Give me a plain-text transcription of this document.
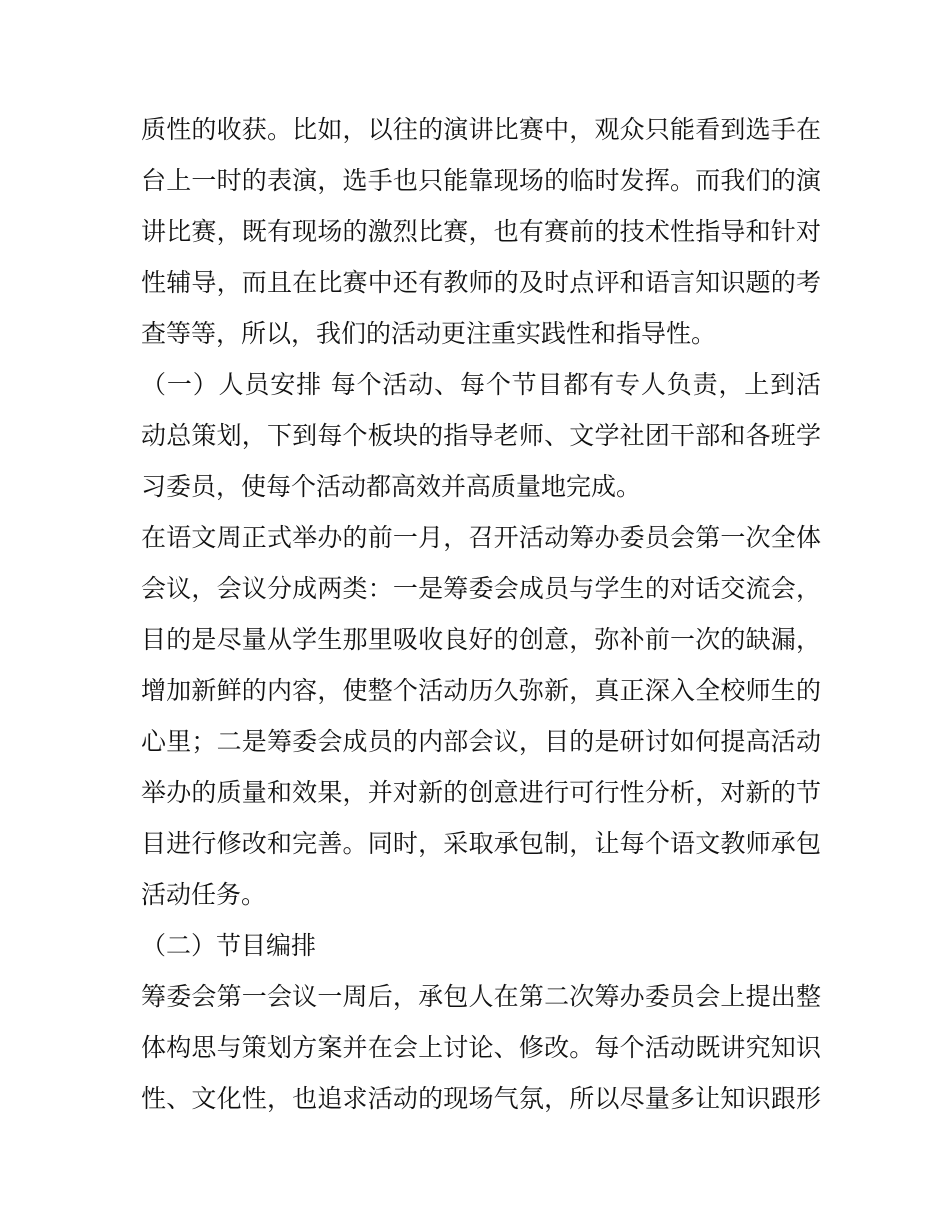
质性的收获。比如，以往的演讲比赛中，观众只能看到选手在
台上一时的表演，选手也只能靠现场的临时发挥。而我们的演
讲比赛，既有现场的激烈比赛，也有赛前的技术性指导和针对
性辅导，而且在比赛中还有教师的及时点评和语言知识题的考
查等等，所以，我们的活动更注重实践性和指导性。
（一）人员安排 每个活动、每个节目都有专人负责，上到活
动总策划，下到每个板块的指导老师、文学社团干部和各班学
习委员，使每个活动都高效并高质量地完成。
在语文周正式举办的前一月，召开活动筹办委员会第一次全体
会议，会议分成两类：一是筹委会成员与学生的对话交流会，
目的是尽量从学生那里吸收良好的创意，弥补前一次的缺漏，
增加新鲜的内容，使整个活动历久弥新，真正深入全校师生的
心里；二是筹委会成员的内部会议，目的是研讨如何提高活动
举办的质量和效果，并对新的创意进行可行性分析，对新的节
目进行修改和完善。同时，采取承包制，让每个语文教师承包
活动任务。
（二）节目编排
筹委会第一会议一周后，承包人在第二次筹办委员会上提出整
体构思与策划方案并在会上讨论、修改。每个活动既讲究知识
性、文化性，也追求活动的现场气氛，所以尽量多让知识跟形
